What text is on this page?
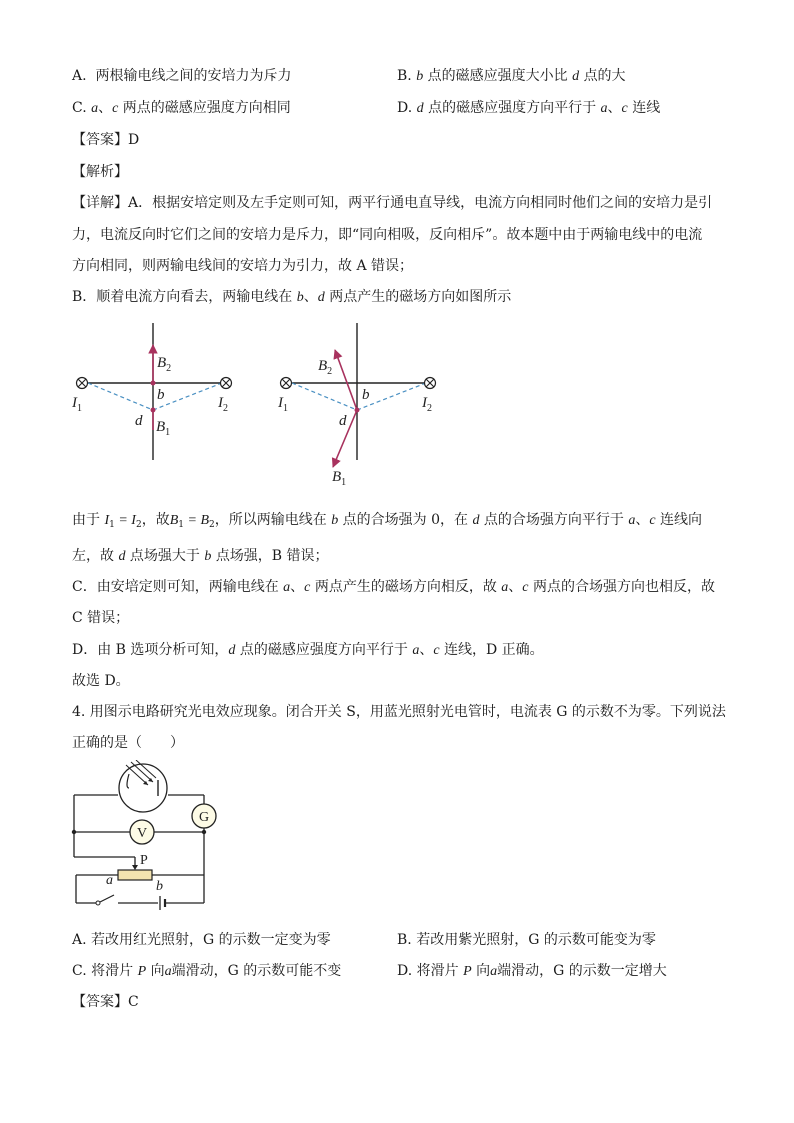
A. 两根输电线之间的安培力为斥力	B. b 点的磁感应强度大小比 d 点的大
C. a、c 两点的磁感应强度方向相同	D. d 点的磁感应强度方向平行于 a、c 连线
【答案】D
【解析】
【详解】A．根据安培定则及左手定则可知，两平行通电直导线，电流方向相同时他们之间的安培力是引
力，电流反向时它们之间的安培力是斥力，即“同向相吸，反向相斥”。故本题中由于两输电线中的电流
方向相同，则两输电线间的安培力为引力，故 A 错误；
B．顺着电流方向看去，两输电线在 b、d 两点产生的磁场方向如图所示
$B_2$
b
d $B_1$
$I_1$	$I_2$
$B_2$
b
d
$B_1$
$I_1$	$I_2$
由于 $I_1 = I_2$，故$B_1 = B_2$，所以两输电线在 b 点的合场强为 0，在 d 点的合场强方向平行于 a、c 连线向
左，故 d 点场强大于 b 点场强，B 错误；
C．由安培定则可知，两输电线在 a、c 两点产生的磁场方向相反，故 a、c 两点的合场强方向也相反，故
C 错误；
D．由 B 选项分析可知，d 点的磁感应强度方向平行于 a、c 连线，D 正确。
故选 D。
4. 用图示电路研究光电效应现象。闭合开关 S，用蓝光照射光电管时，电流表 G 的示数不为零。下列说法
正确的是（　　）
G
V
P
a	b
A. 若改用红光照射，G 的示数一定变为零	B. 若改用紫光照射，G 的示数可能变为零
C. 将滑片 P 向a端滑动，G 的示数可能不变	D. 将滑片 P 向a端滑动，G 的示数一定增大
【答案】C
